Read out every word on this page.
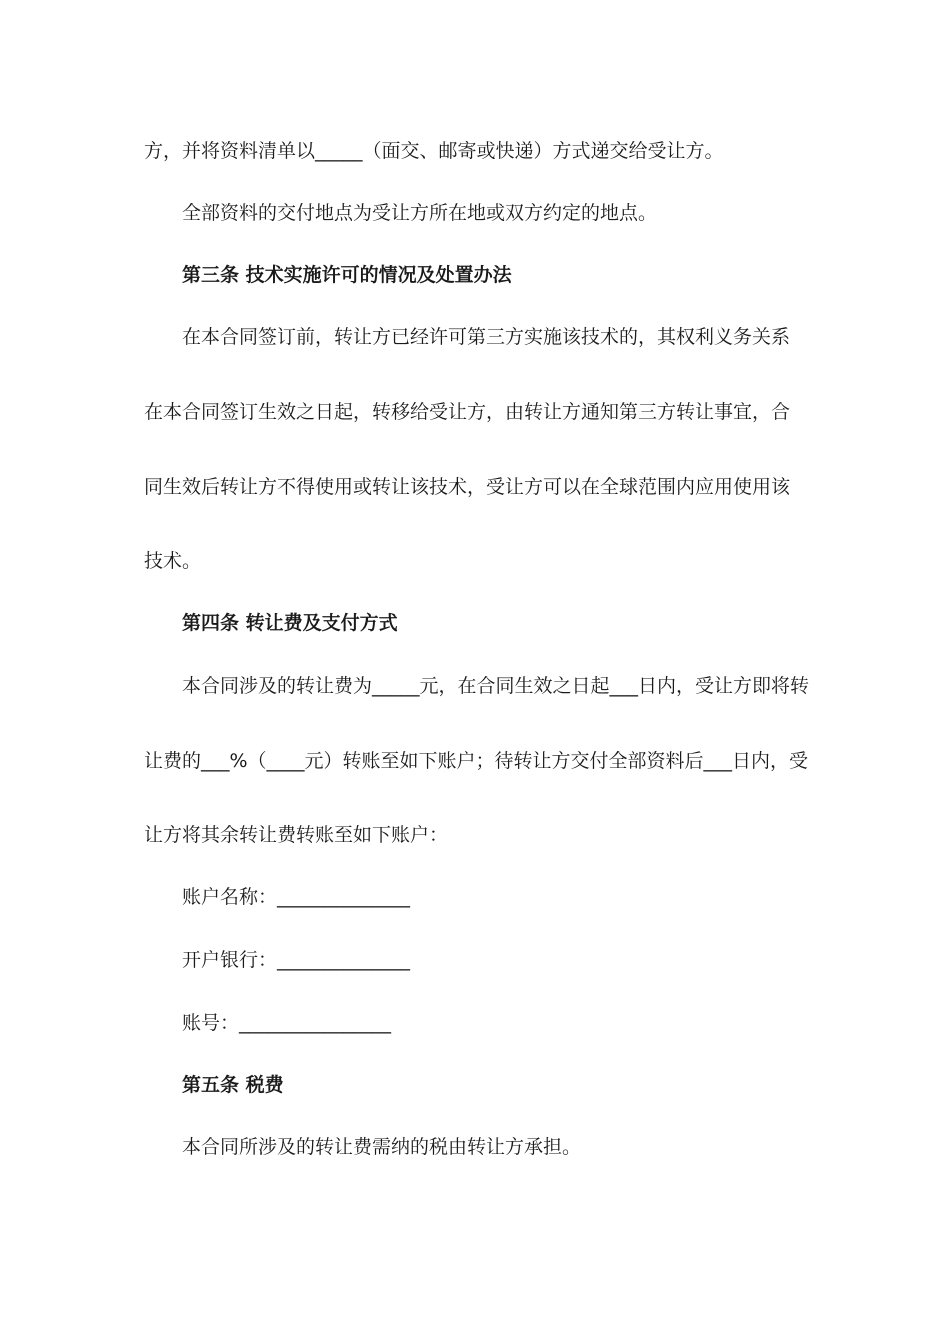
方，并将资料清单以_____（面交、邮寄或快递）方式递交给受让方。
全部资料的交付地点为受让方所在地或双方约定的地点。
第三条 技术实施许可的情况及处置办法
在本合同签订前，转让方已经许可第三方实施该技术的，其权利义务关系
在本合同签订生效之日起，转移给受让方，由转让方通知第三方转让事宜，合
同生效后转让方不得使用或转让该技术，受让方可以在全球范围内应用使用该
技术。
第四条 转让费及支付方式
本合同涉及的转让费为_____元，在合同生效之日起___日内，受让方即将转
让费的___%（____元）转账至如下账户；待转让方交付全部资料后___日内，受
让方将其余转让费转账至如下账户：
账户名称：______________
开户银行：______________
账号：________________
第五条 税费
本合同所涉及的转让费需纳的税由转让方承担。
